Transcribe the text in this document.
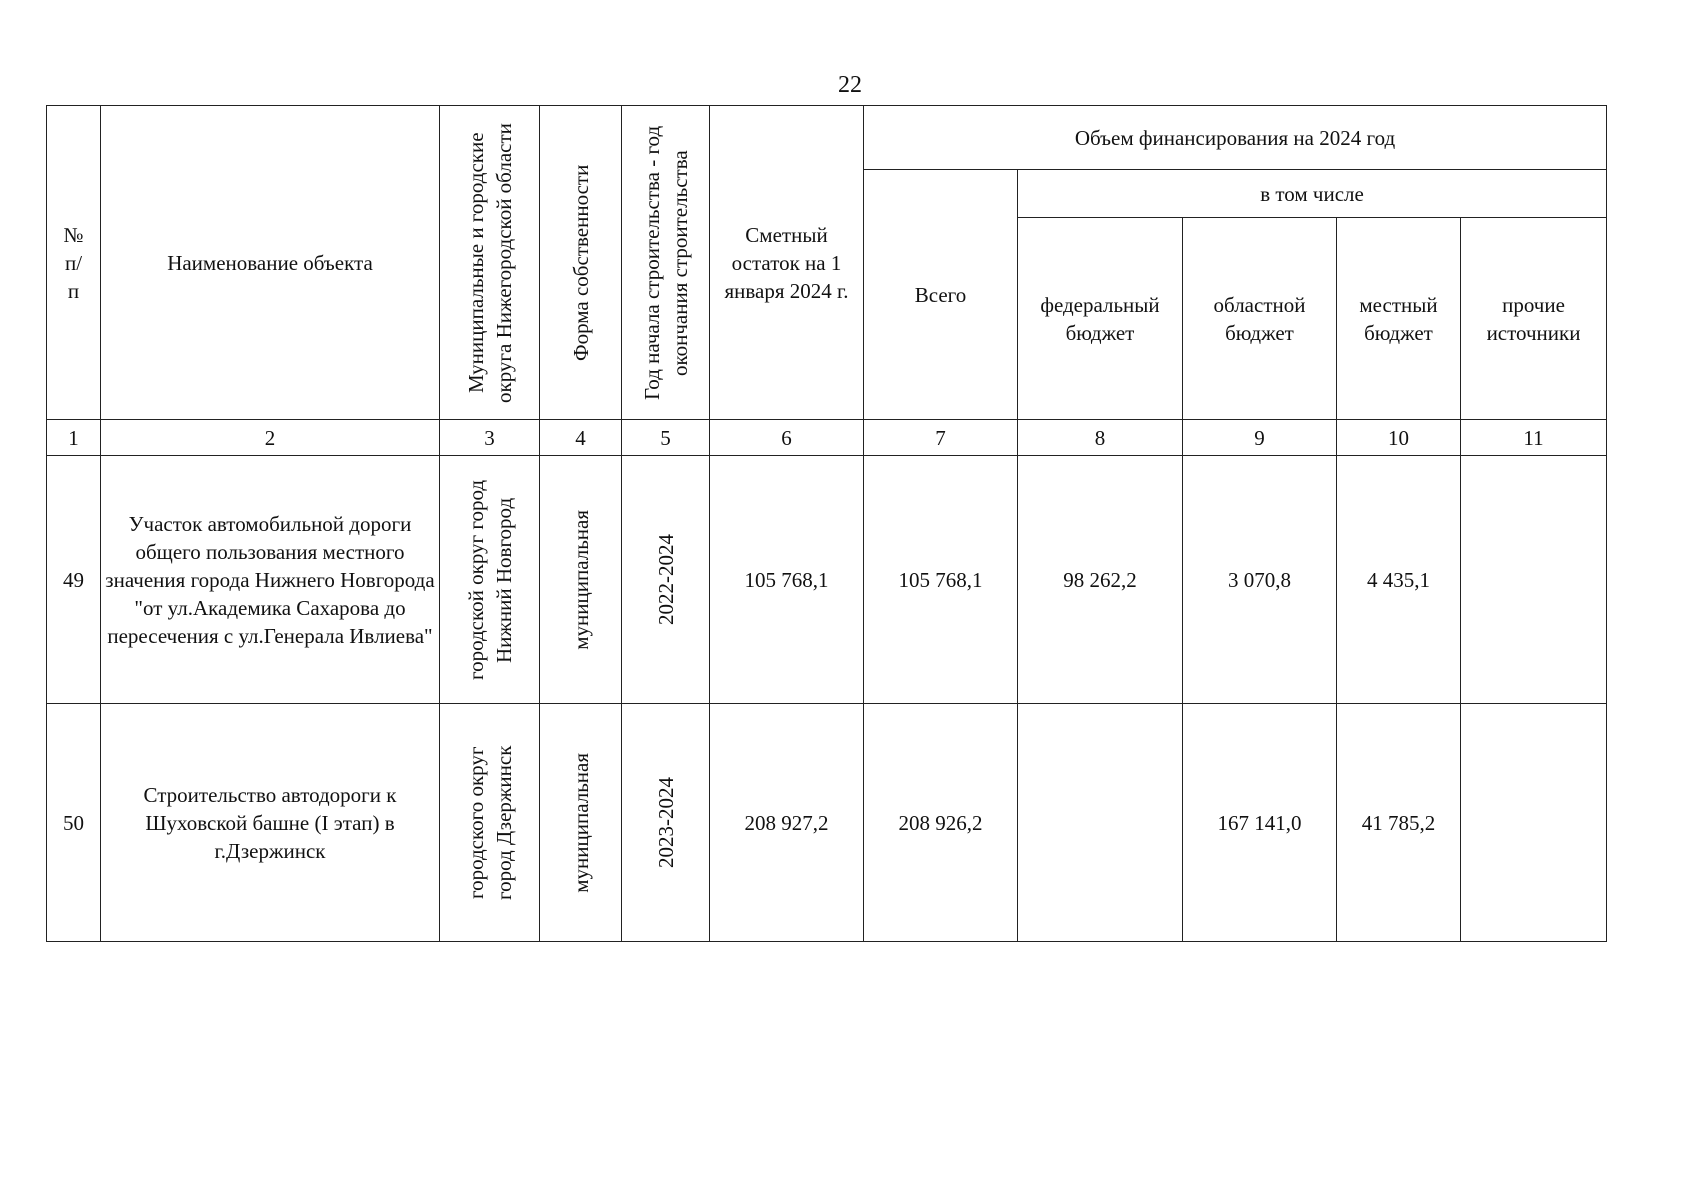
22
№ п/ п	Наименование объекта	Муниципальные и городские округа Нижегородской области	Форма собственности	Год начала строительства - год окончания строительства	Сметный остаток на 1 января 2024 г.	Объем финансирования на 2024 год				
						Всего	в том числе			
							федеральный бюджет	областной бюджет	местный бюджет	прочие источники
1	2	3	4	5	6	7	8	9	10	11
49	Участок автомобильной дороги общего пользования местного значения города Нижнего Новгорода "от ул.Академика Сахарова до пересечения с ул.Генерала Ивлиева"	городской округ город Нижний Новгород	муниципальная	2022-2024	105 768,1	105 768,1	98 262,2	3 070,8	4 435,1	
50	Строительство автодороги к Шуховской башне (I этап) в г.Дзержинск	городского округ город Дзержинск	муниципальная	2023-2024	208 927,2	208 926,2		167 141,0	41 785,2	
